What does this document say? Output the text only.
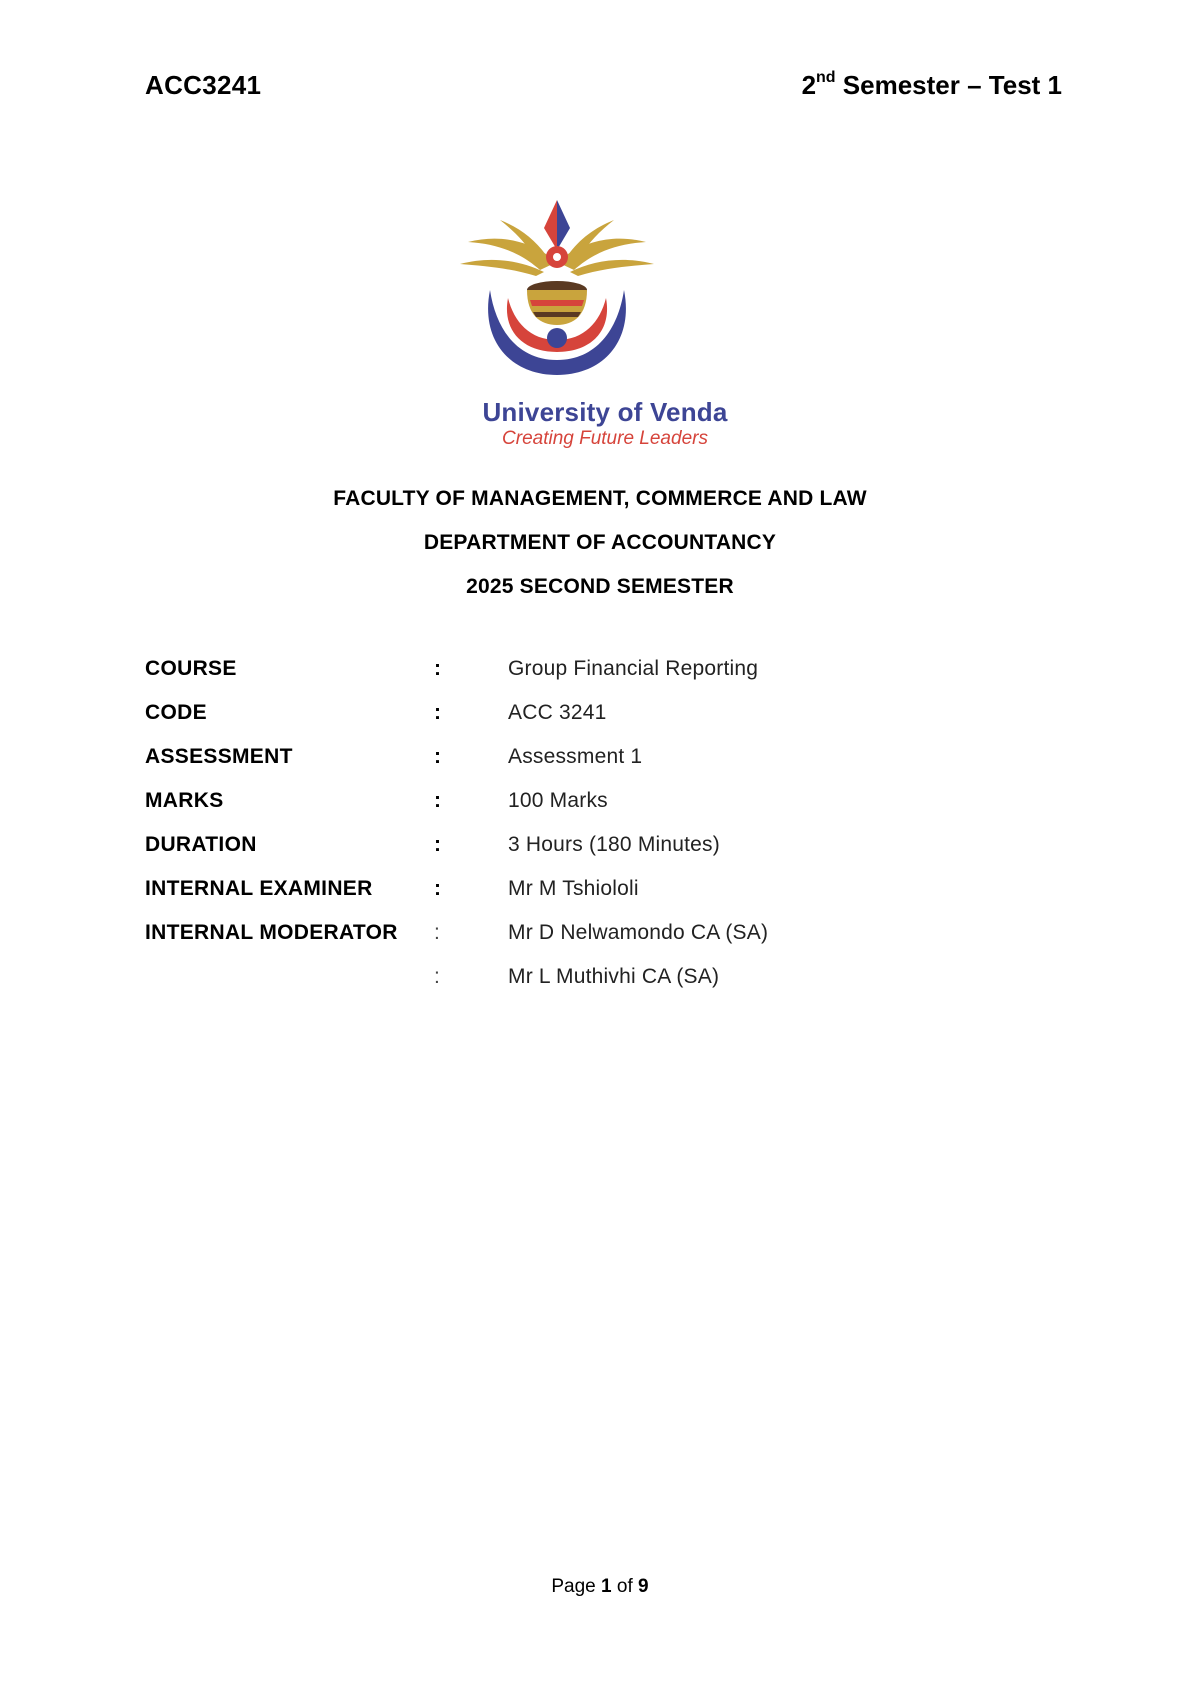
ACC3241	2nd Semester – Test 1
University of Venda
Creating Future Leaders
FACULTY OF MANAGEMENT, COMMERCE AND LAW
DEPARTMENT OF ACCOUNTANCY
2025 SECOND SEMESTER
COURSE	:	Group Financial Reporting
CODE	:	ACC 3241
ASSESSMENT	:	Assessment 1
MARKS	:	100 Marks
DURATION	:	3 Hours (180 Minutes)
INTERNAL EXAMINER	:	Mr M Tshiololi
INTERNAL MODERATOR :	Mr D Nelwamondo CA (SA)
:	Mr L Muthivhi CA (SA)
Page 1 of 9
